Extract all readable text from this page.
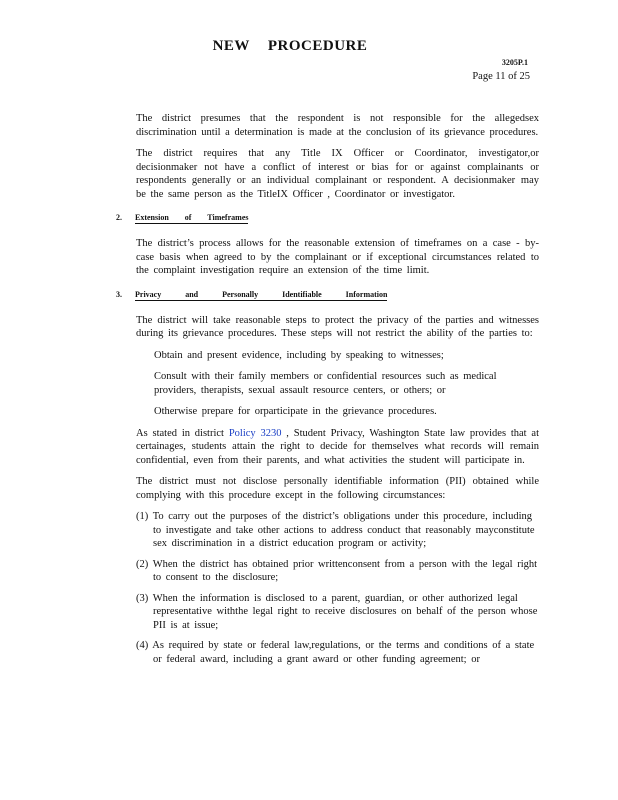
NEW PROCEDURE
3205P.1
Page 11 of 25

The district presumes that the respondent is not responsible for the allegedsex discrimination until a determination is made at the conclusion of its grievance procedures.

The district requires that any Title IX Officer or Coordinator, investigator,or decisionmaker not have a conflict of interest or bias for or against complainants or respondents generally or an individual complainant or respondent. A decisionmaker may be the same person as the TitleIX Officer , Coordinator or investigator.

2. Extension of Timeframes

The district’s process allows for the reasonable extension of timeframes on a case - by- case basis when agreed to by the complainant or if exceptional circumstances related to the complaint investigation require an extension of the time limit.

3. Privacy and Personally Identifiable Information

The district will take reasonable steps to protect the privacy of the parties and witnesses during its grievance procedures. These steps will not restrict the ability of the parties to:

Obtain and present evidence, including by speaking to witnesses;
Consult with their family members or confidential resources such as medical providers, therapists, sexual assault resource centers, or others; or
Otherwise prepare for orparticipate in the grievance procedures.

As stated in district Policy 3230 , Student Privacy, Washington State law provides that at certainages, students attain the right to decide for themselves what records will remain confidential, even from their parents, and what activities the student will participate in.

The district must not disclose personally identifiable information (PII) obtained while complying with this procedure except in the following circumstances:

(1) To carry out the purposes of the district’s obligations under this procedure, including to investigate and take other actions to address conduct that reasonably mayconstitute sex discrimination in a district education program or activity;
(2) When the district has obtained prior writtenconsent from a person with the legal right to consent to the disclosure;
(3) When the information is disclosed to a parent, guardian, or other authorized legal representative withthe legal right to receive disclosures on behalf of the person whose PII is at issue;
(4) As required by state or federal law,regulations, or the terms and conditions of a state or federal award, including a grant award or other funding agreement; or
